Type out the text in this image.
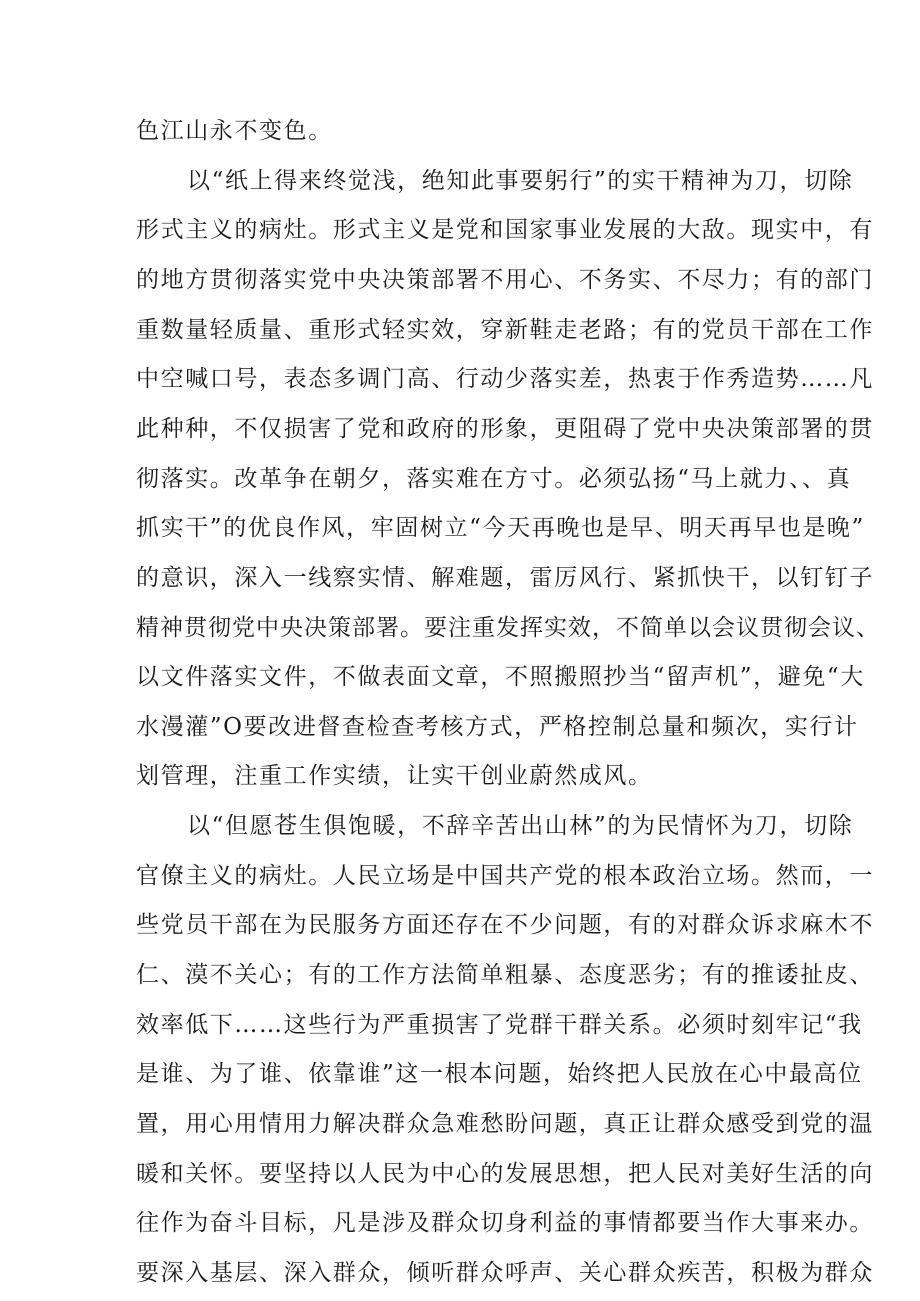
色江山永不变色。
以“纸上得来终觉浅，绝知此事要躬行”的实干精神为刀，切除
形式主义的病灶。形式主义是党和国家事业发展的大敌。现实中，有
的地方贯彻落实党中央决策部署不用心、不务实、不尽力；有的部门
重数量轻质量、重形式轻实效，穿新鞋走老路；有的党员干部在工作
中空喊口号，表态多调门高、行动少落实差，热衷于作秀造势……凡
此种种，不仅损害了党和政府的形象，更阻碍了党中央决策部署的贯
彻落实。改革争在朝夕，落实难在方寸。必须弘扬“马上就力、、真
抓实干”的优良作风，牢固树立“今天再晚也是早、明天再早也是晚”
的意识，深入一线察实情、解难题，雷厉风行、紧抓快干，以钉钉子
精神贯彻党中央决策部署。要注重发挥实效，不简单以会议贯彻会议、
以文件落实文件，不做表面文章，不照搬照抄当“留声机”，避免“大
水漫灌”O要改进督查检查考核方式，严格控制总量和频次，实行计
划管理，注重工作实绩，让实干创业蔚然成风。
以“但愿苍生俱饱暖，不辞辛苦出山林”的为民情怀为刀，切除
官僚主义的病灶。人民立场是中国共产党的根本政治立场。然而，一
些党员干部在为民服务方面还存在不少问题，有的对群众诉求麻木不
仁、漠不关心；有的工作方法简单粗暴、态度恶劣；有的推诿扯皮、
效率低下……这些行为严重损害了党群干群关系。必须时刻牢记“我
是谁、为了谁、依靠谁”这一根本问题，始终把人民放在心中最高位
置，用心用情用力解决群众急难愁盼问题，真正让群众感受到党的温
暖和关怀。要坚持以人民为中心的发展思想，把人民对美好生活的向
往作为奋斗目标，凡是涉及群众切身利益的事情都要当作大事来办。
要深入基层、深入群众，倾听群众呼声、关心群众疾苦，积极为群众
